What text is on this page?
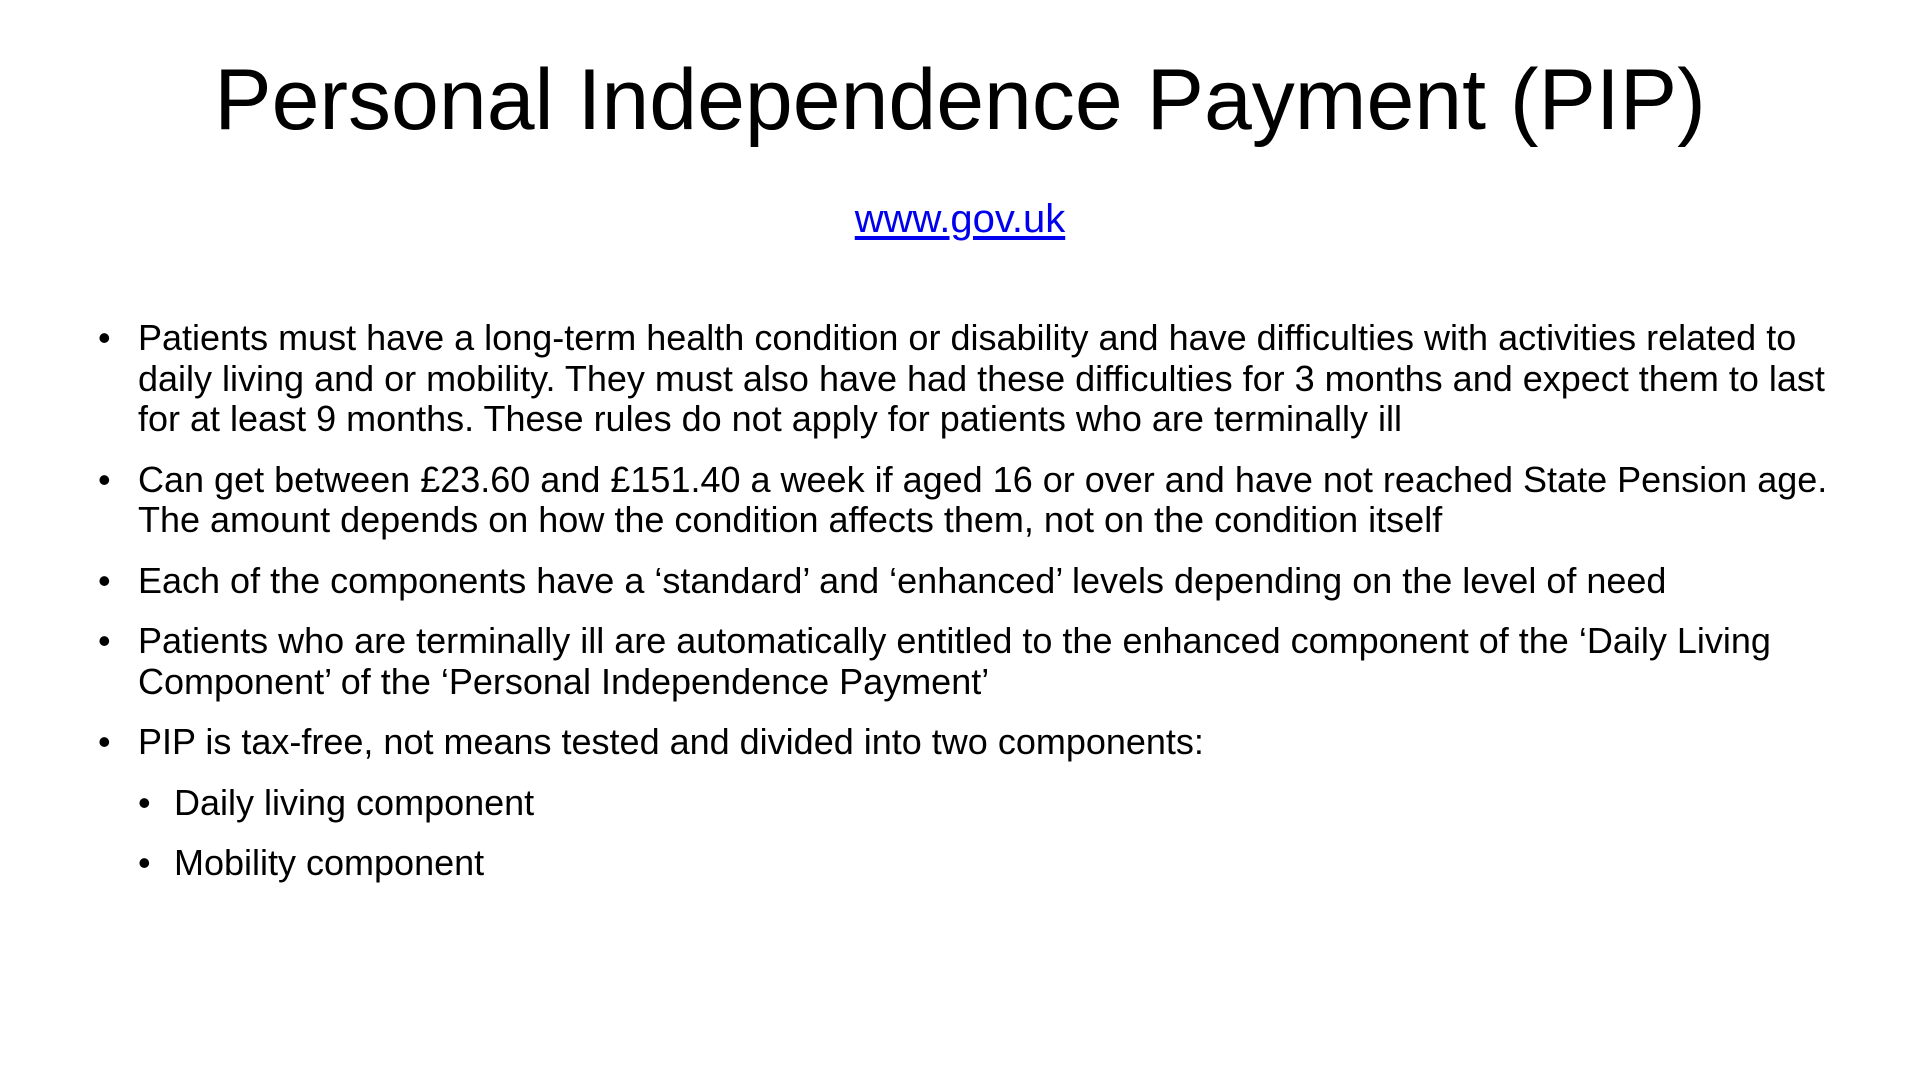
Personal Independence Payment (PIP)
www.gov.uk
• Patients must have a long-term health condition or disability and have difficulties with activities related to daily living and or mobility. They must also have had these difficulties for 3 months and expect them to last for at least 9 months. These rules do not apply for patients who are terminally ill
• Can get between £23.60 and £151.40 a week if aged 16 or over and have not reached State Pension age. The amount depends on how the condition affects them, not on the condition itself
• Each of the components have a ‘standard’ and ‘enhanced’ levels depending on the level of need
• Patients who are terminally ill are automatically entitled to the enhanced component of the ‘Daily Living Component’ of the ‘Personal Independence Payment’
• PIP is tax-free, not means tested and divided into two components:
• Daily living component
• Mobility component
